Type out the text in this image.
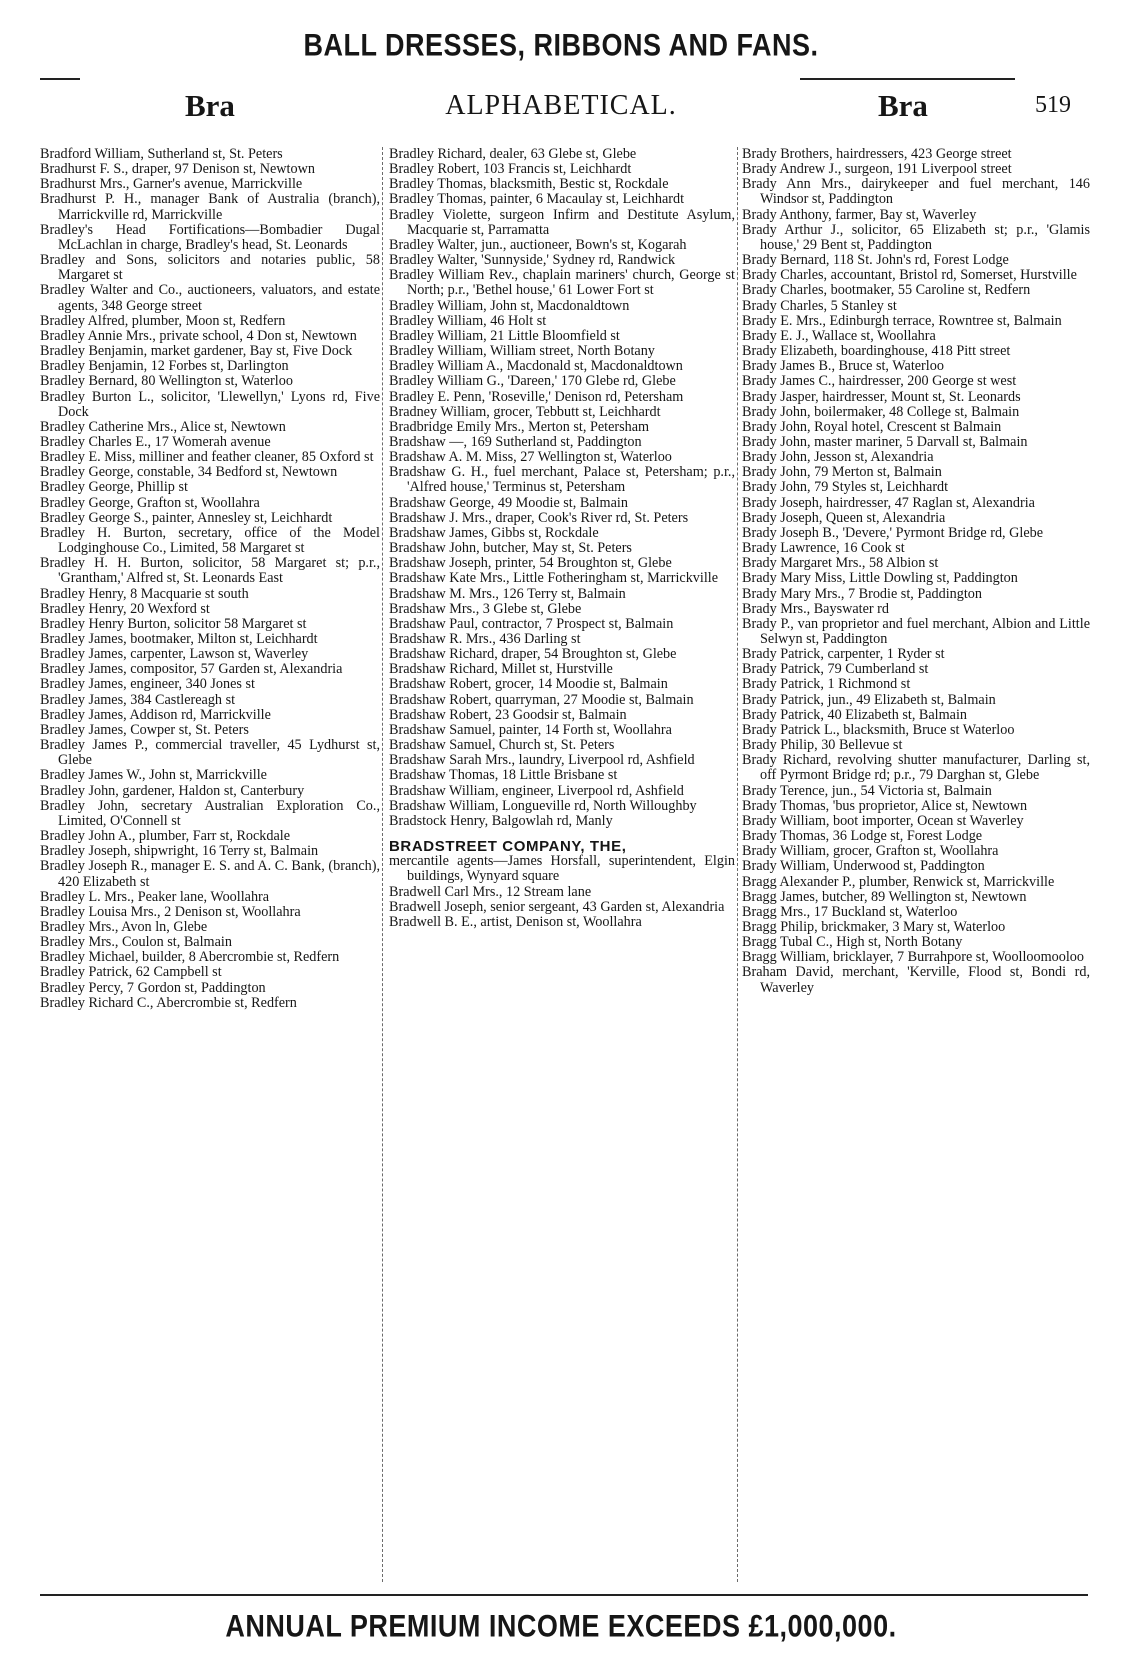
BALL DRESSES, RIBBONS AND FANS.
Bra	ALPHABETICAL.	Bra	519

Bradford William, Sutherland st, St. Peters

Bradhurst F. S., draper, 97 Denison st, Newtown

Bradhurst Mrs., Garner's avenue, Marrickville

Bradhurst P. H., manager Bank of Australia (branch), Marrickville rd, Marrickville

Bradley's Head Fortifications—Bombadier Dugal McLachlan in charge, Bradley's head, St. Leonards

Bradley and Sons, solicitors and notaries public, 58 Margaret st

Bradley Walter and Co., auctioneers, valuators, and estate agents, 348 George street

Bradley Alfred, plumber, Moon st, Redfern

Bradley Annie Mrs., private school, 4 Don st, Newtown

Bradley Benjamin, market gardener, Bay st, Five Dock

Bradley Benjamin, 12 Forbes st, Darlington

Bradley Bernard, 80 Wellington st, Waterloo

Bradley Burton L., solicitor, 'Llewellyn,' Lyons rd, Five Dock

Bradley Catherine Mrs., Alice st, Newtown

Bradley Charles E., 17 Womerah avenue

Bradley E. Miss, milliner and feather cleaner, 85 Oxford st

Bradley George, constable, 34 Bedford st, Newtown

Bradley George, Phillip st

Bradley George, Grafton st, Woollahra

Bradley George S., painter, Annesley st, Leichhardt

Bradley H. Burton, secretary, office of the Model Lodginghouse Co., Limited, 58 Margaret st

Bradley H. H. Burton, solicitor, 58 Margaret st; p.r., 'Grantham,' Alfred st, St. Leonards East

Bradley Henry, 8 Macquarie st south

Bradley Henry, 20 Wexford st

Bradley Henry Burton, solicitor 58 Margaret st

Bradley James, bootmaker, Milton st, Leichhardt

Bradley James, carpenter, Lawson st, Waverley

Bradley James, compositor, 57 Garden st, Alexandria

Bradley James, engineer, 340 Jones st

Bradley James, 384 Castlereagh st

Bradley James, Addison rd, Marrickville

Bradley James, Cowper st, St. Peters

Bradley James P., commercial traveller, 45 Lydhurst st, Glebe

Bradley James W., John st, Marrickville

Bradley John, gardener, Haldon st, Canterbury

Bradley John, secretary Australian Exploration Co., Limited, O'Connell st

Bradley John A., plumber, Farr st, Rockdale

Bradley Joseph, shipwright, 16 Terry st, Balmain

Bradley Joseph R., manager E. S. and A. C. Bank, (branch), 420 Elizabeth st

Bradley L. Mrs., Peaker lane, Woollahra

Bradley Louisa Mrs., 2 Denison st, Woollahra

Bradley Mrs., Avon ln, Glebe

Bradley Mrs., Coulon st, Balmain

Bradley Michael, builder, 8 Abercrombie st, Redfern

Bradley Patrick, 62 Campbell st

Bradley Percy, 7 Gordon st, Paddington

Bradley Richard C., Abercrombie st, Redfern

Bradley Richard, dealer, 63 Glebe st, Glebe

Bradley Robert, 103 Francis st, Leichhardt

Bradley Thomas, blacksmith, Bestic st, Rockdale

Bradley Thomas, painter, 6 Macaulay st, Leichhardt

Bradley Violette, surgeon Infirm and Destitute Asylum, Macquarie st, Parramatta

Bradley Walter, jun., auctioneer, Bown's st, Kogarah

Bradley Walter, 'Sunnyside,' Sydney rd, Randwick

Bradley William Rev., chaplain mariners' church, George st North; p.r., 'Bethel house,' 61 Lower Fort st

Bradley William, John st, Macdonaldtown

Bradley William, 46 Holt st

Bradley William, 21 Little Bloomfield st

Bradley William, William street, North Botany

Bradley William A., Macdonald st, Macdonaldtown

Bradley William G., 'Dareen,' 170 Glebe rd, Glebe

Bradley E. Penn, 'Roseville,' Denison rd, Petersham

Bradney William, grocer, Tebbutt st, Leichhardt

Bradbridge Emily Mrs., Merton st, Petersham

Bradshaw —, 169 Sutherland st, Paddington

Bradshaw A. M. Miss, 27 Wellington st, Waterloo

Bradshaw G. H., fuel merchant, Palace st, Petersham; p.r., 'Alfred house,' Terminus st, Petersham

Bradshaw George, 49 Moodie st, Balmain

Bradshaw J. Mrs., draper, Cook's River rd, St. Peters

Bradshaw James, Gibbs st, Rockdale

Bradshaw John, butcher, May st, St. Peters

Bradshaw Joseph, printer, 54 Broughton st, Glebe

Bradshaw Kate Mrs., Little Fotheringham st, Marrickville

Bradshaw M. Mrs., 126 Terry st, Balmain

Bradshaw Mrs., 3 Glebe st, Glebe

Bradshaw Paul, contractor, 7 Prospect st, Balmain

Bradshaw R. Mrs., 436 Darling st

Bradshaw Richard, draper, 54 Broughton st, Glebe

Bradshaw Richard, Millet st, Hurstville

Bradshaw Robert, grocer, 14 Moodie st, Balmain

Bradshaw Robert, quarryman, 27 Moodie st, Balmain

Bradshaw Robert, 23 Goodsir st, Balmain

Bradshaw Samuel, painter, 14 Forth st, Woollahra

Bradshaw Samuel, Church st, St. Peters

Bradshaw Sarah Mrs., laundry, Liverpool rd, Ashfield

Bradshaw Thomas, 18 Little Brisbane st

Bradshaw William, engineer, Liverpool rd, Ashfield

Bradshaw William, Longueville rd, North Willoughby

Bradstock Henry, Balgowlah rd, Manly

BRADSTREET COMPANY, THE,

mercantile agents—James Horsfall, superintendent, Elgin buildings, Wynyard square

Bradwell Carl Mrs., 12 Stream lane

Bradwell Joseph, senior sergeant, 43 Garden st, Alexandria

Bradwell B. E., artist, Denison st, Woollahra

Brady Brothers, hairdressers, 423 George street

Brady Andrew J., surgeon, 191 Liverpool street

Brady Ann Mrs., dairykeeper and fuel merchant, 146 Windsor st, Paddington

Brady Anthony, farmer, Bay st, Waverley

Brady Arthur J., solicitor, 65 Elizabeth st; p.r., 'Glamis house,' 29 Bent st, Paddington

Brady Bernard, 118 St. John's rd, Forest Lodge

Brady Charles, accountant, Bristol rd, Somerset, Hurstville

Brady Charles, bootmaker, 55 Caroline st, Redfern

Brady Charles, 5 Stanley st

Brady E. Mrs., Edinburgh terrace, Rowntree st, Balmain

Brady E. J., Wallace st, Woollahra

Brady Elizabeth, boardinghouse, 418 Pitt street

Brady James B., Bruce st, Waterloo

Brady James C., hairdresser, 200 George st west

Brady Jasper, hairdresser, Mount st, St. Leonards

Brady John, boilermaker, 48 College st, Balmain

Brady John, Royal hotel, Crescent st Balmain

Brady John, master mariner, 5 Darvall st, Balmain

Brady John, Jesson st, Alexandria

Brady John, 79 Merton st, Balmain

Brady John, 79 Styles st, Leichhardt

Brady Joseph, hairdresser, 47 Raglan st, Alexandria

Brady Joseph, Queen st, Alexandria

Brady Joseph B., 'Devere,' Pyrmont Bridge rd, Glebe

Brady Lawrence, 16 Cook st

Brady Margaret Mrs., 58 Albion st

Brady Mary Miss, Little Dowling st, Paddington

Brady Mary Mrs., 7 Brodie st, Paddington

Brady Mrs., Bayswater rd

Brady P., van proprietor and fuel merchant, Albion and Little Selwyn st, Paddington

Brady Patrick, carpenter, 1 Ryder st

Brady Patrick, 79 Cumberland st

Brady Patrick, 1 Richmond st

Brady Patrick, jun., 49 Elizabeth st, Balmain

Brady Patrick, 40 Elizabeth st, Balmain

Brady Patrick L., blacksmith, Bruce st Waterloo

Brady Philip, 30 Bellevue st

Brady Richard, revolving shutter manufacturer, Darling st, off Pyrmont Bridge rd; p.r., 79 Darghan st, Glebe

Brady Terence, jun., 54 Victoria st, Balmain

Brady Thomas, 'bus proprietor, Alice st, Newtown

Brady William, boot importer, Ocean st Waverley

Brady Thomas, 36 Lodge st, Forest Lodge

Brady William, grocer, Grafton st, Woollahra

Brady William, Underwood st, Paddington

Bragg Alexander P., plumber, Renwick st, Marrickville

Bragg James, butcher, 89 Wellington st, Newtown

Bragg Mrs., 17 Buckland st, Waterloo

Bragg Philip, brickmaker, 3 Mary st, Waterloo

Bragg Tubal C., High st, North Botany

Bragg William, bricklayer, 7 Burrahpore st, Woolloomooloo

Braham David, merchant, 'Kerville, Flood st, Bondi rd, Waverley

ANNUAL PREMIUM INCOME EXCEEDS £1,000,000.
